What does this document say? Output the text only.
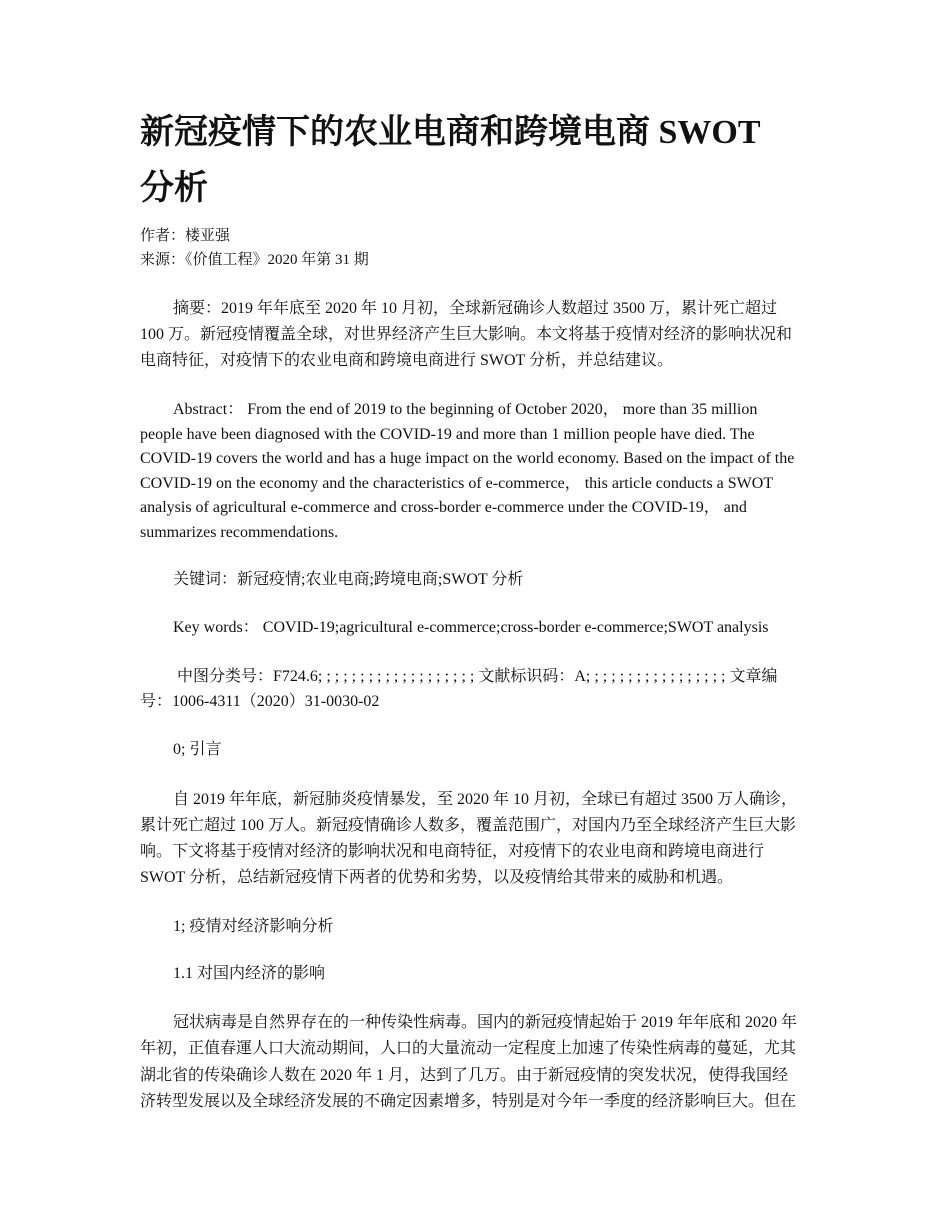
新冠疫情下的农业电商和跨境电商 SWOT
分析
作者：楼亚强
来源：《价值工程》2020 年第 31 期
摘要：2019 年年底至 2020 年 10 月初，全球新冠确诊人数超过 3500 万，累计死亡超过
100 万。新冠疫情覆盖全球，对世界经济产生巨大影响。本文将基于疫情对经济的影响状况和
电商特征，对疫情下的农业电商和跨境电商进行 SWOT 分析，并总结建议。
Abstract： From the end of 2019 to the beginning of October 2020， more than 35 million
people have been diagnosed with the COVID-19 and more than 1 million people have died. The
COVID-19 covers the world and has a huge impact on the world economy. Based on the impact of the
COVID-19 on the economy and the characteristics of e-commerce， this article conducts a SWOT
analysis of agricultural e-commerce and cross-border e-commerce under the COVID-19， and
summarizes recommendations.
关键词：新冠疫情;农业电商;跨境电商;SWOT 分析
Key words： COVID-19;agricultural e-commerce;cross-border e-commerce;SWOT analysis
中图分类号：F724.6; ; ; ; ; ; ; ; ; ; ; ; ; ; ; ; ; ; ; 文献标识码：A; ; ; ; ; ; ; ; ; ; ; ; ; ; ; ; ; 文章编
号：1006-4311（2020）31-0030-02
0; 引言
自 2019 年年底，新冠肺炎疫情暴发，至 2020 年 10 月初，全球已有超过 3500 万人确诊，
累计死亡超过 100 万人。新冠疫情确诊人数多，覆盖范围广，对国内乃至全球经济产生巨大影
响。下文将基于疫情对经济的影响状况和电商特征，对疫情下的农业电商和跨境电商进行
SWOT 分析，总结新冠疫情下两者的优势和劣势，以及疫情给其带来的威胁和机遇。
1; 疫情对经济影响分析
1.1 对国内经济的影响
冠状病毒是自然界存在的一种传染性病毒。国内的新冠疫情起始于 2019 年年底和 2020 年
年初，正值春運人口大流动期间，人口的大量流动一定程度上加速了传染性病毒的蔓延，尤其
湖北省的传染确诊人数在 2020 年 1 月，达到了几万。由于新冠疫情的突发状况，使得我国经
济转型发展以及全球经济发展的不确定因素增多，特别是对今年一季度的经济影响巨大。但在
